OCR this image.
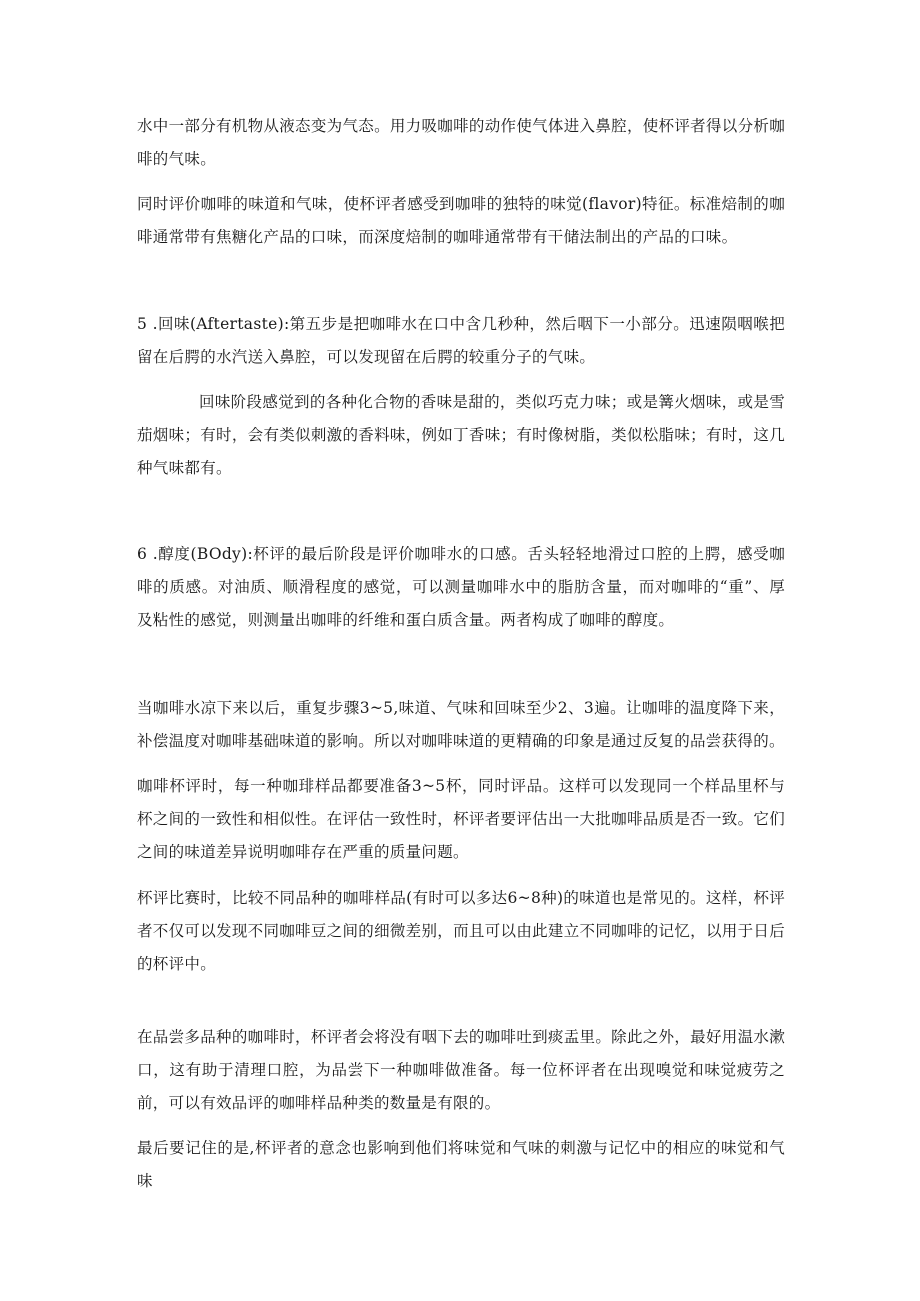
水中一部分有机物从液态变为气态。用力吸咖啡的动作使气体进入鼻腔，使杯评者得以分析咖啡的气味。

同时评价咖啡的味道和气味，使杯评者感受到咖啡的独特的味觉(flavor)特征。标准焙制的咖啡通常带有焦糖化产品的口味，而深度焙制的咖啡通常带有干储法制出的产品的口味。

5 .回味(Aftertaste):第五步是把咖啡水在口中含几秒种，然后咽下一小部分。迅速陨咽喉把留在后腭的水汽送入鼻腔，可以发现留在后腭的较重分子的气味。

回味阶段感觉到的各种化合物的香味是甜的，类似巧克力味；或是篝火烟味，或是雪茄烟味；有时，会有类似刺激的香料味，例如丁香味；有时像树脂，类似松脂味；有时，这几种气味都有。

6 .醇度(BOdy):杯评的最后阶段是评价咖啡水的口感。舌头轻轻地滑过口腔的上腭，感受咖啡的质感。对油质、顺滑程度的感觉，可以测量咖啡水中的脂肪含量，而对咖啡的“重”、厚及粘性的感觉，则测量出咖啡的纤维和蛋白质含量。两者构成了咖啡的醇度。

当咖啡水凉下来以后，重复步骤3~5,味道、气味和回味至少2、3遍。让咖啡的温度降下来，补偿温度对咖啡基础味道的影响。所以对咖啡味道的更精确的印象是通过反复的品尝获得的。

咖啡杯评时，每一种咖琲样品都要准备3~5杯，同时评品。这样可以发现同一个样品里杯与杯之间的一致性和相似性。在评估一致性时，杯评者要评估出一大批咖啡品质是否一致。它们之间的味道差异说明咖啡存在严重的质量问题。

杯评比赛时，比较不同品种的咖啡样品(有时可以多达6~8种)的味道也是常见的。这样，杯评者不仅可以发现不同咖啡豆之间的细微差别，而且可以由此建立不同咖啡的记忆，以用于日后的杯评中。

在品尝多品种的咖啡时，杯评者会将没有咽下去的咖啡吐到痰盂里。除此之外，最好用温水漱口，这有助于清理口腔，为品尝下一种咖啡做准备。每一位杯评者在出现嗅觉和味觉疲劳之前，可以有效品评的咖啡样品种类的数量是有限的。

最后要记住的是,杯评者的意念也影响到他们将味觉和气味的刺激与记忆中的相应的味觉和气味
